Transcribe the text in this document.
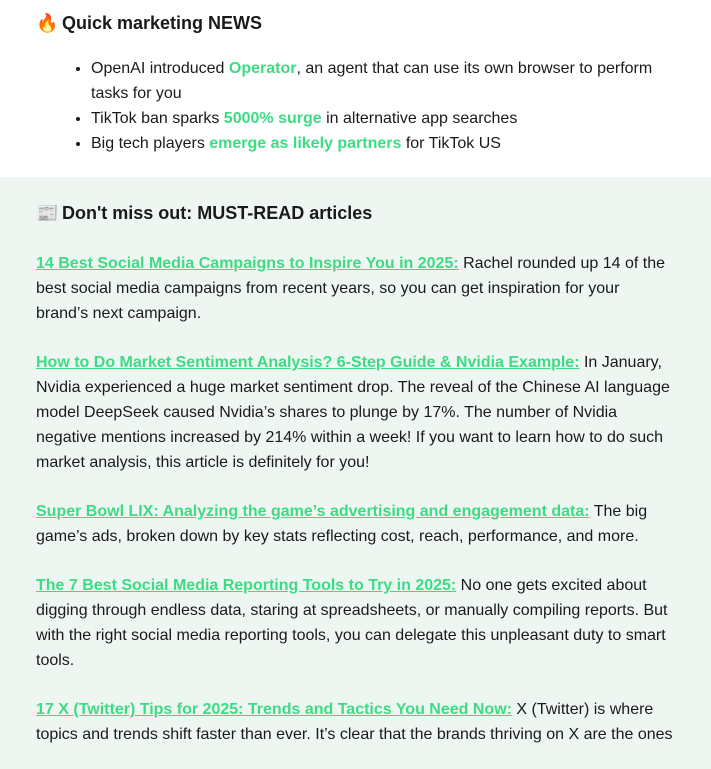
🔥 Quick marketing NEWS
• OpenAI introduced Operator, an agent that can use its own browser to perform tasks for you
• TikTok ban sparks 5000% surge in alternative app searches
• Big tech players emerge as likely partners for TikTok US
📰 Don't miss out: MUST-READ articles

14 Best Social Media Campaigns to Inspire You in 2025: Rachel rounded up 14 of the best social media campaigns from recent years, so you can get inspiration for your brand’s next campaign.

How to Do Market Sentiment Analysis? 6-Step Guide & Nvidia Example: In January, Nvidia experienced a huge market sentiment drop. The reveal of the Chinese AI language model DeepSeek caused Nvidia’s shares to plunge by 17%. The number of Nvidia negative mentions increased by 214% within a week! If you want to learn how to do such market analysis, this article is definitely for you!

Super Bowl LIX: Analyzing the game’s advertising and engagement data: The big game’s ads, broken down by key stats reflecting cost, reach, performance, and more.

The 7 Best Social Media Reporting Tools to Try in 2025: No one gets excited about digging through endless data, staring at spreadsheets, or manually compiling reports. But with the right social media reporting tools, you can delegate this unpleasant duty to smart tools.

17 X (Twitter) Tips for 2025: Trends and Tactics You Need Now: X (Twitter) is where topics and trends shift faster than ever. It’s clear that the brands thriving on X are the ones
